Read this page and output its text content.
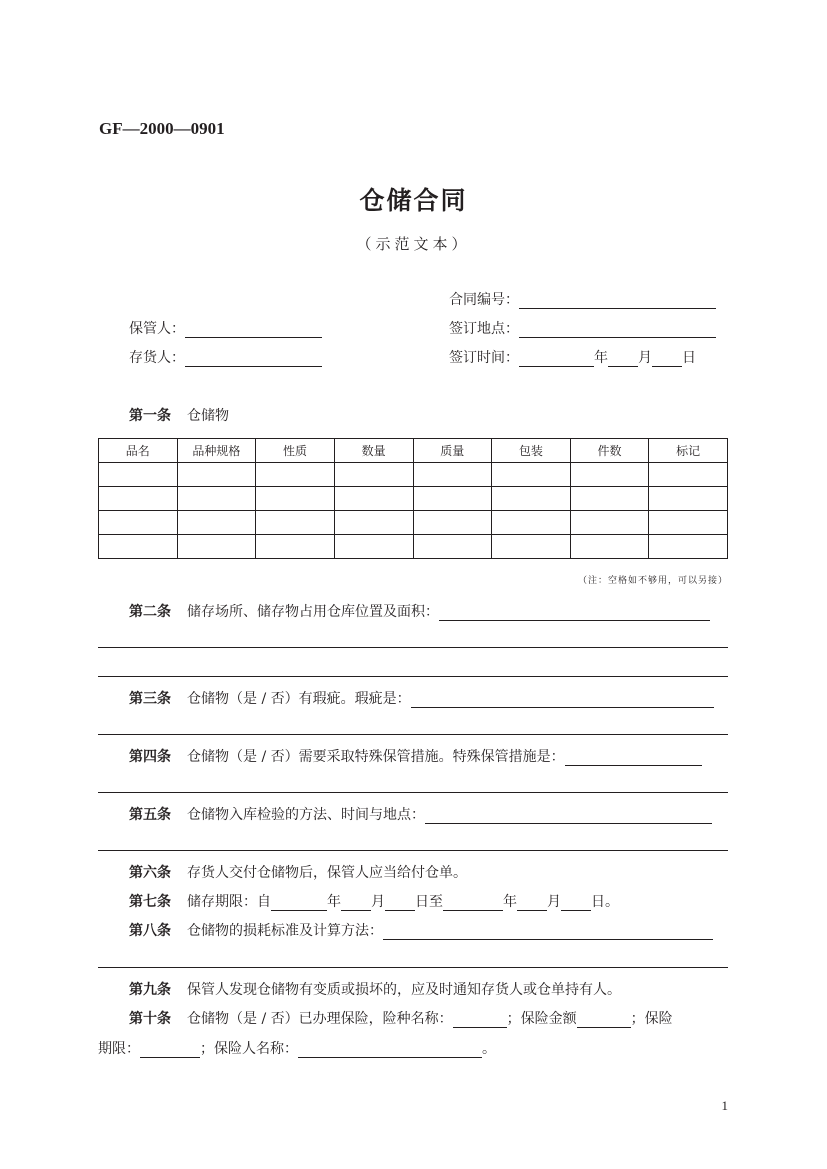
GF—2000—0901
仓储合同
（示范文本）
合同编号：
保管人：	签订地点：
存货人：	签订时间：	年 月 日
第一条 仓储物
品名	品种规格	性质	数量	质量	包装	件数	标记

（注：空格如不够用，可以另接）
第二条 储存场所、储存物占用仓库位置及面积：
第三条 仓储物（是 / 否）有瑕疵。瑕疵是：
第四条 仓储物（是 / 否）需要采取特殊保管措施。特殊保管措施是：
第五条 仓储物入库检验的方法、时间与地点：
第六条 存货人交付仓储物后，保管人应当给付仓单。
第七条 储存期限：自	年 月 日至	年 月 日。
第八条 仓储物的损耗标准及计算方法：
第九条 保管人发现仓储物有变质或损坏的，应及时通知存货人或仓单持有人。
第十条 仓储物（是 / 否）已办理保险，险种名称：	；保险金额	；保险
期限：	；保险人名称：	。
1
